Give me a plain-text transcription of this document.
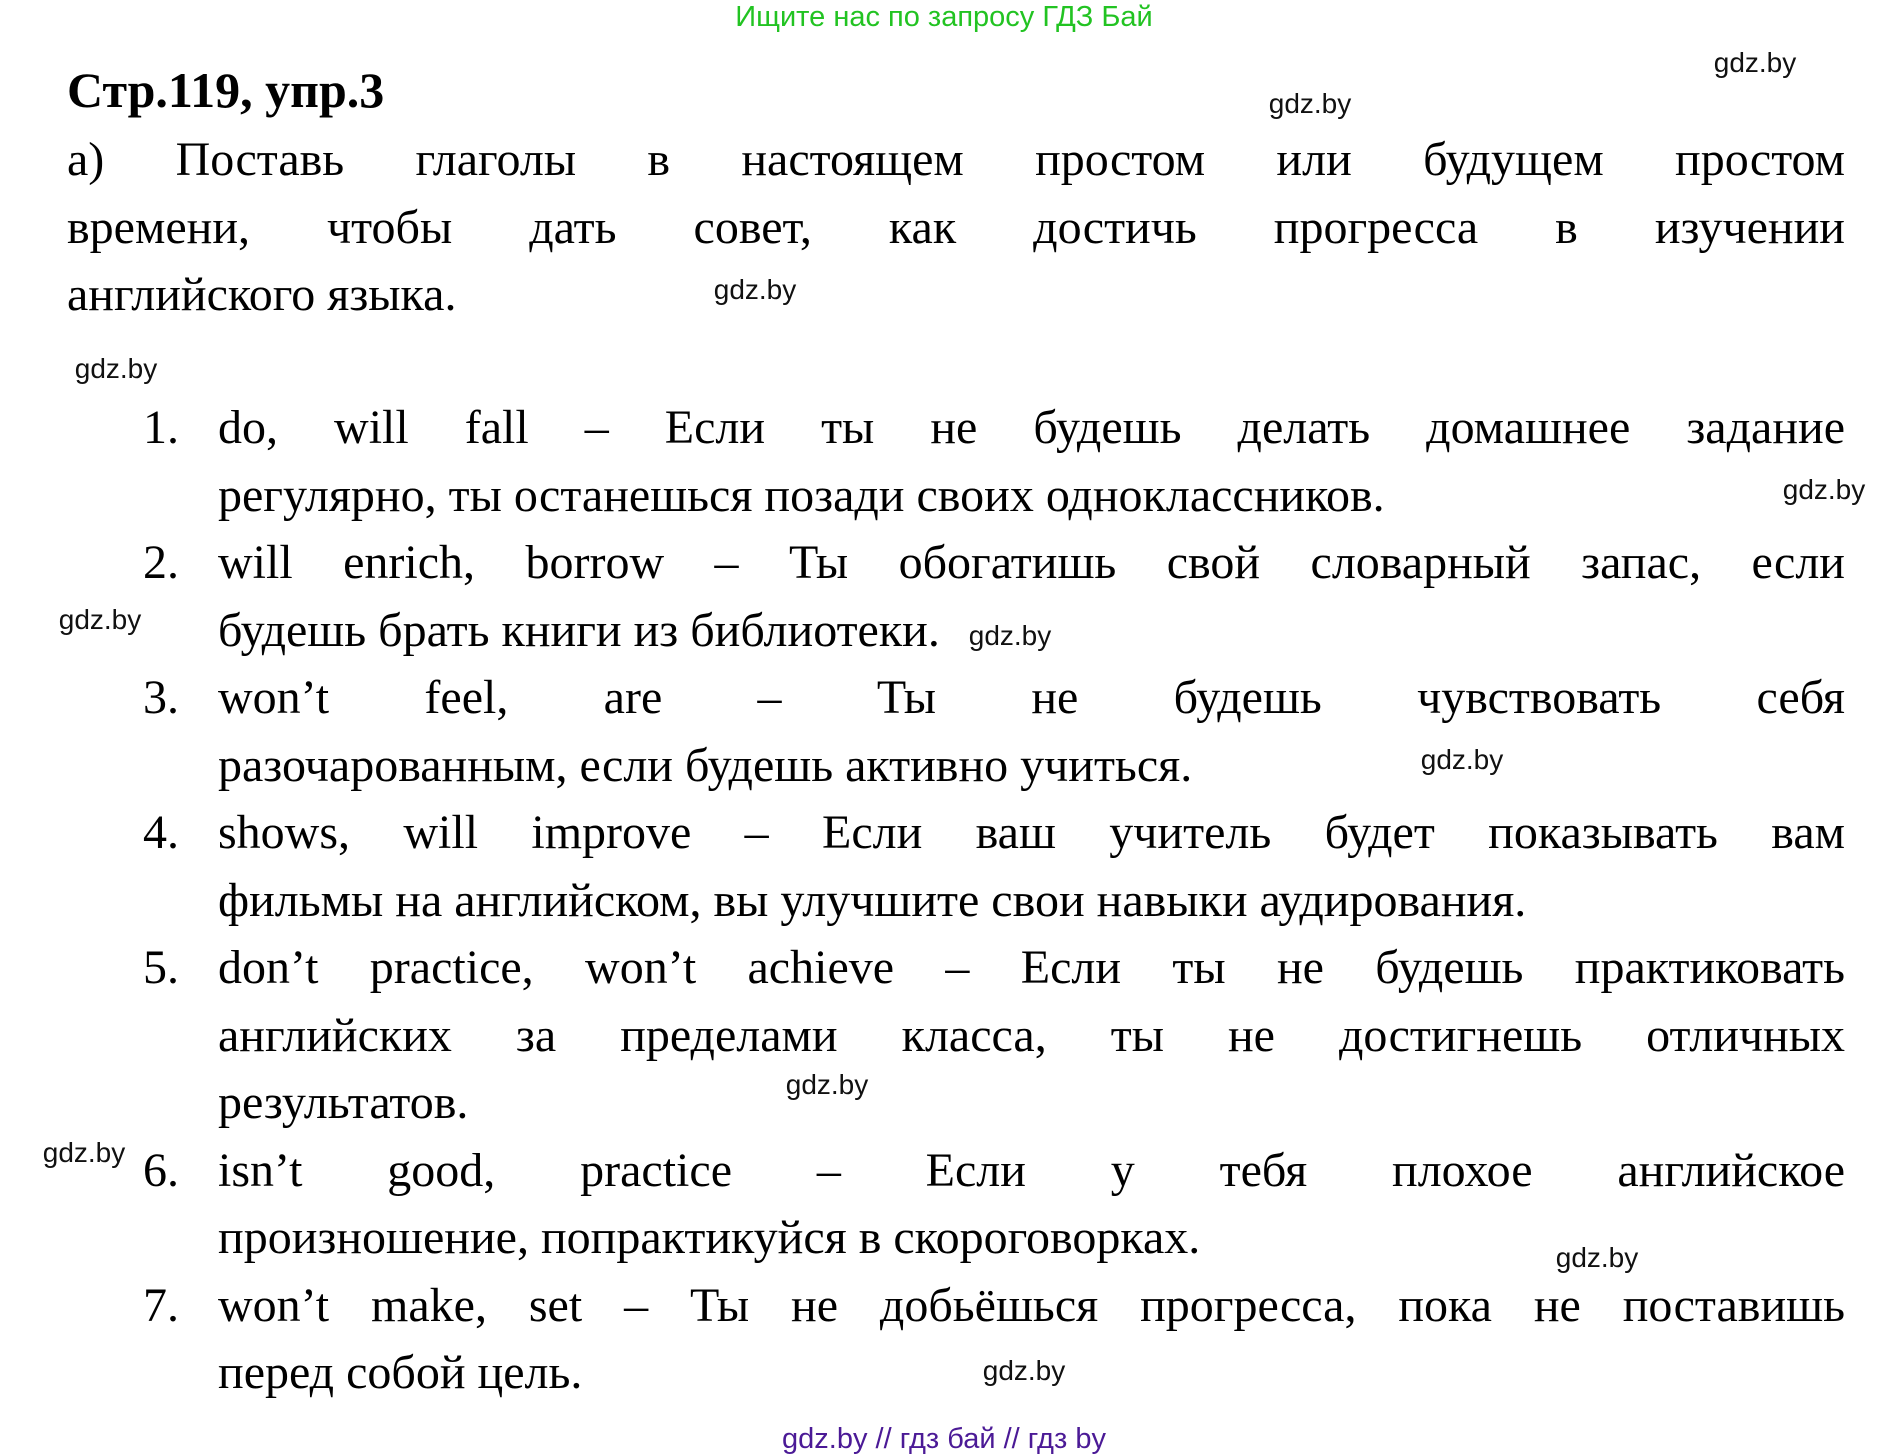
Ищите нас по запросу ГДЗ Бай
Стр.119, упр.3
а) Поставь глаголы в настоящем простом или будущем простом
времени, чтобы дать совет, как достичь прогресса в изучении
английского языка.
1. do, will fall – Если ты не будешь делать домашнее задание
регулярно, ты останешься позади своих одноклассников.
2. will enrich, borrow – Ты обогатишь свой словарный запас, если
будешь брать книги из библиотеки.
3. won’t feel, are – Ты не будешь чувствовать себя
разочарованным, если будешь активно учиться.
4. shows, will improve – Если ваш учитель будет показывать вам
фильмы на английском, вы улучшите свои навыки аудирования.
5. don’t practice, won’t achieve – Если ты не будешь практиковать
английских за пределами класса, ты не достигнешь отличных
результатов.
6. isn’t good, practice – Если у тебя плохое английское
произношение, попрактикуйся в скороговорках.
7. won’t make, set – Ты не добьёшься прогресса, пока не поставишь
перед собой цель.
gdz.by
gdz.by
gdz.by
gdz.by
gdz.by
gdz.by
gdz.by
gdz.by
gdz.by
gdz.by
gdz.by
gdz.by
gdz.by // гдз бай // гдз by
